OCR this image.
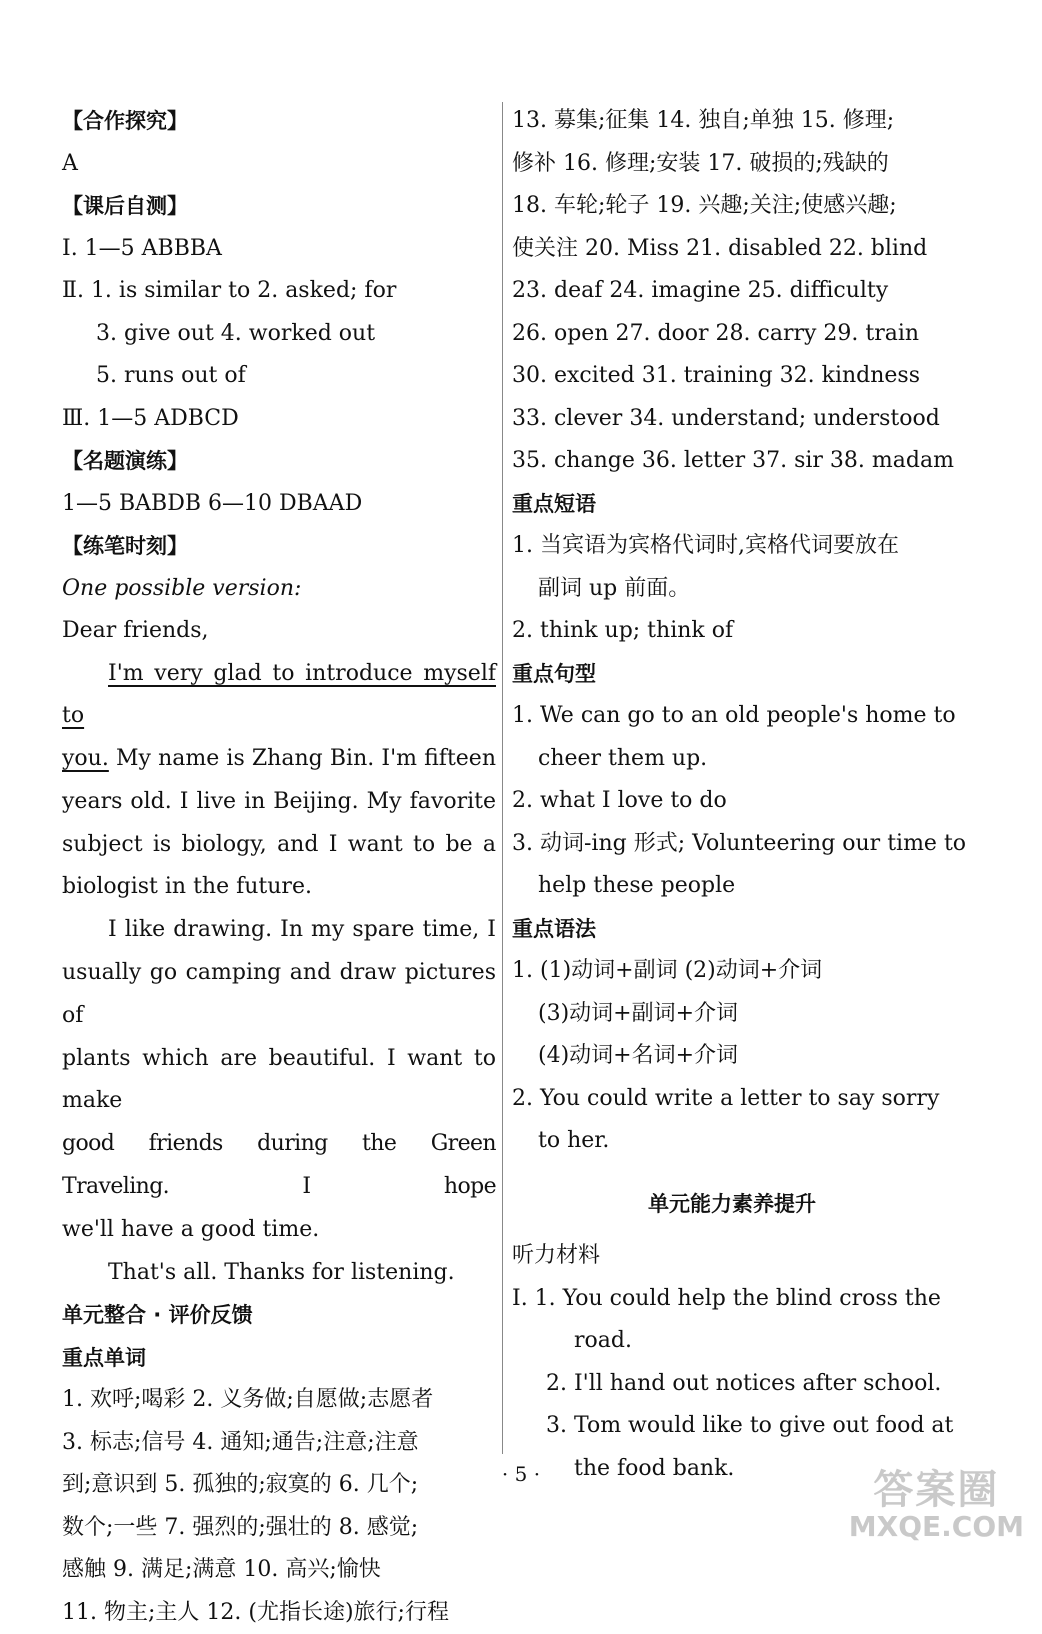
【合作探究】
A
【课后自测】
Ⅰ. 1—5 ABBBA
Ⅱ. 1. is similar to 2. asked; for
3. give out 4. worked out
5. runs out of
Ⅲ. 1—5 ADBCD
【名题演练】
1—5 BABDB 6—10 DBAAD
【练笔时刻】
One possible version:
Dear friends,
I'm very glad to introduce myself to
you. My name is Zhang Bin. I'm fifteen
years old. I live in Beijing. My favorite
subject is biology, and I want to be a
biologist in the future.
I like drawing. In my spare time, I
usually go camping and draw pictures of
plants which are beautiful. I want to make
good friends during the Green Traveling. I hope
we'll have a good time.
That's all. Thanks for listening.
单元整合 · 评价反馈
重点单词
1. 欢呼;喝彩 2. 义务做;自愿做;志愿者
3. 标志;信号 4. 通知;通告;注意;注意
到;意识到 5. 孤独的;寂寞的 6. 几个;
数个;一些 7. 强烈的;强壮的 8. 感觉;
感触 9. 满足;满意 10. 高兴;愉快
11. 物主;主人 12. (尤指长途)旅行;行程
13. 募集;征集 14. 独自;单独 15. 修理;
修补 16. 修理;安装 17. 破损的;残缺的
18. 车轮;轮子 19. 兴趣;关注;使感兴趣;
使关注 20. Miss 21. disabled 22. blind
23. deaf 24. imagine 25. difficulty
26. open 27. door 28. carry 29. train
30. excited 31. training 32. kindness
33. clever 34. understand; understood
35. change 36. letter 37. sir 38. madam
重点短语
1. 当宾语为宾格代词时,宾格代词要放在
副词 up 前面。
2. think up; think of
重点句型
1. We can go to an old people's home to
cheer them up.
2. what I love to do
3. 动词-ing 形式; Volunteering our time to
help these people
重点语法
1. (1)动词+副词 (2)动词+介词
(3)动词+副词+介词
(4)动词+名词+介词
2. You could write a letter to say sorry
to her.
单元能力素养提升
听力材料
Ⅰ. 1. You could help the blind cross the
road.
2. I'll hand out notices after school.
3. Tom would like to give out food at
the food bank.
· 5 ·	答案圈
MXQE.COM
